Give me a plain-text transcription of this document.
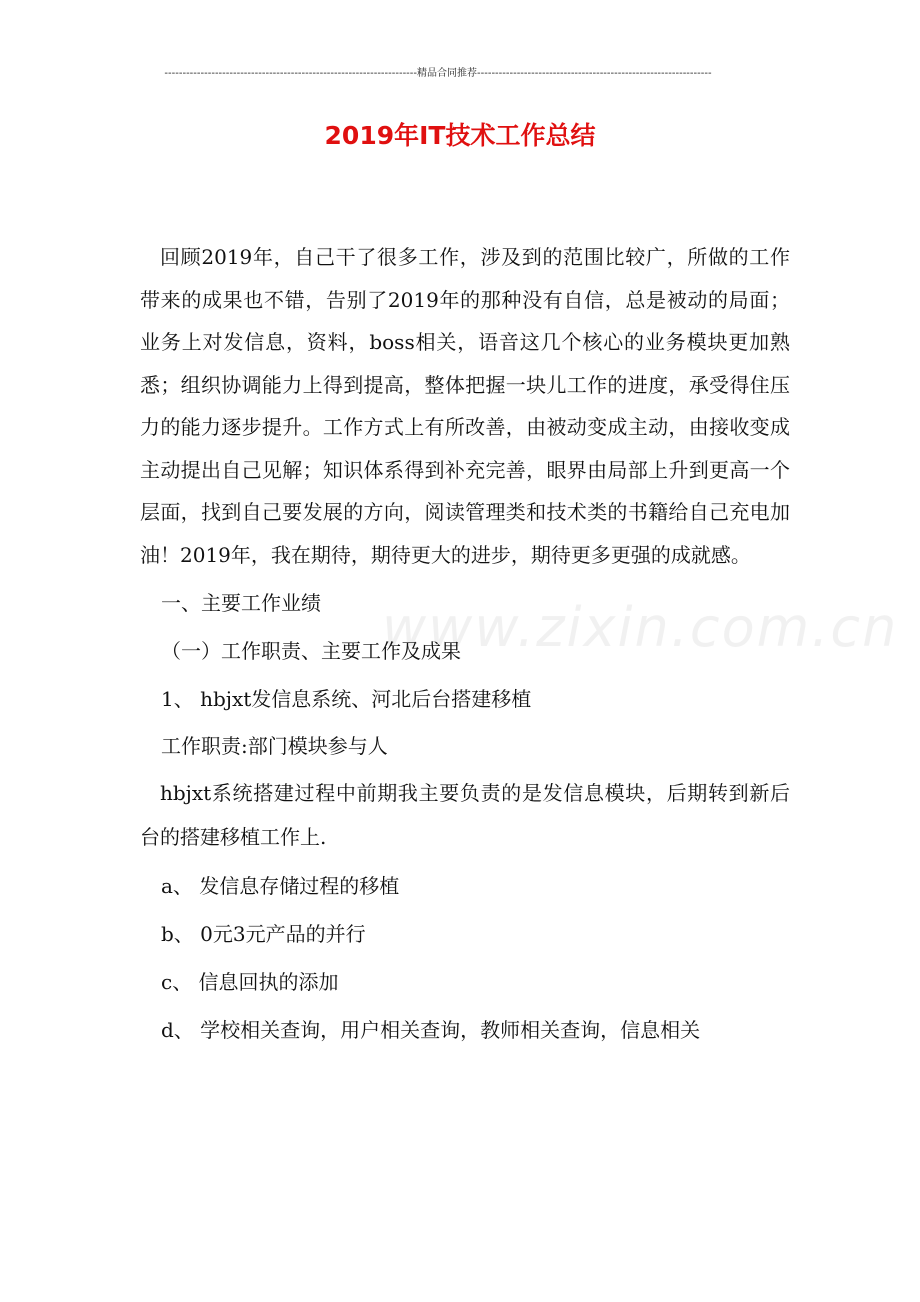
----------------------------------------------------------------------精品合同推荐-----------------------------------------------------------------
2019年IT技术工作总结
www.zixin.com.cn

回顾2019年，自己干了很多工作，涉及到的范围比较广，所做的工作带来的成果也不错，告别了2019年的那种没有自信，总是被动的局面；业务上对发信息，资料，boss相关，语音这几个核心的业务模块更加熟悉；组织协调能力上得到提高，整体把握一块儿工作的进度，承受得住压力的能力逐步提升。工作方式上有所改善，由被动变成主动，由接收变成主动提出自己见解；知识体系得到补充完善，眼界由局部上升到更高一个层面，找到自己要发展的方向，阅读管理类和技术类的书籍给自己充电加油！2019年，我在期待，期待更大的进步，期待更多更强的成就感。

一、主要工作业绩

（一）工作职责、主要工作及成果

1、 hbjxt发信息系统、河北后台搭建移植

工作职责:部门模块参与人

hbjxt系统搭建过程中前期我主要负责的是发信息模块，后期转到新后台的搭建移植工作上.

a、 发信息存储过程的移植

b、 0元3元产品的并行

c、 信息回执的添加

d、 学校相关查询，用户相关查询，教师相关查询，信息相关
